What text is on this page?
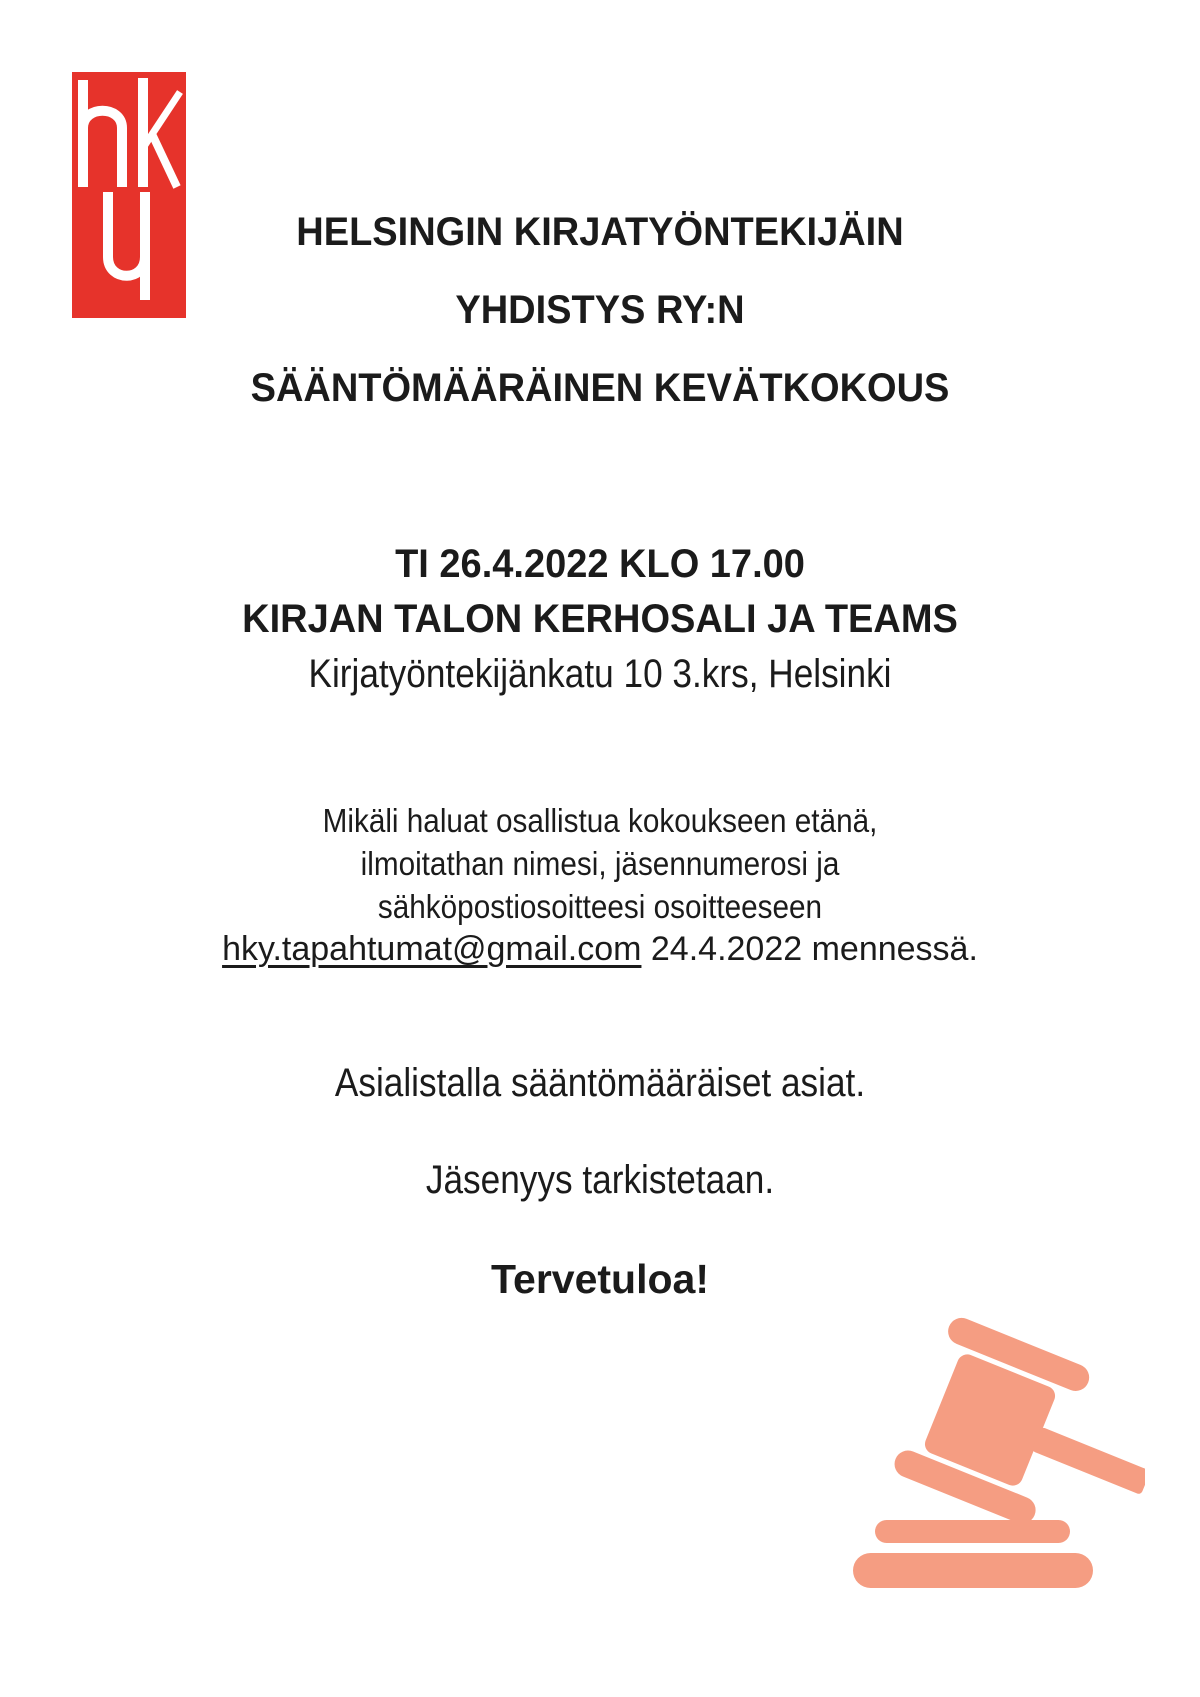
HELSINGIN KIRJATYÖNTEKIJÄIN
YHDISTYS RY:N
SÄÄNTÖMÄÄRÄINEN KEVÄTKOKOUS
TI 26.4.2022 KLO 17.00
KIRJAN TALON KERHOSALI JA TEAMS
Kirjatyöntekijänkatu 10 3.krs, Helsinki
Mikäli haluat osallistua kokoukseen etänä,
ilmoitathan nimesi, jäsennumerosi ja
sähköpostiosoitteesi osoitteeseen
hky.tapahtumat@gmail.com 24.4.2022 mennessä.
Asialistalla sääntömääräiset asiat.
Jäsenyys tarkistetaan.
Tervetuloa!
